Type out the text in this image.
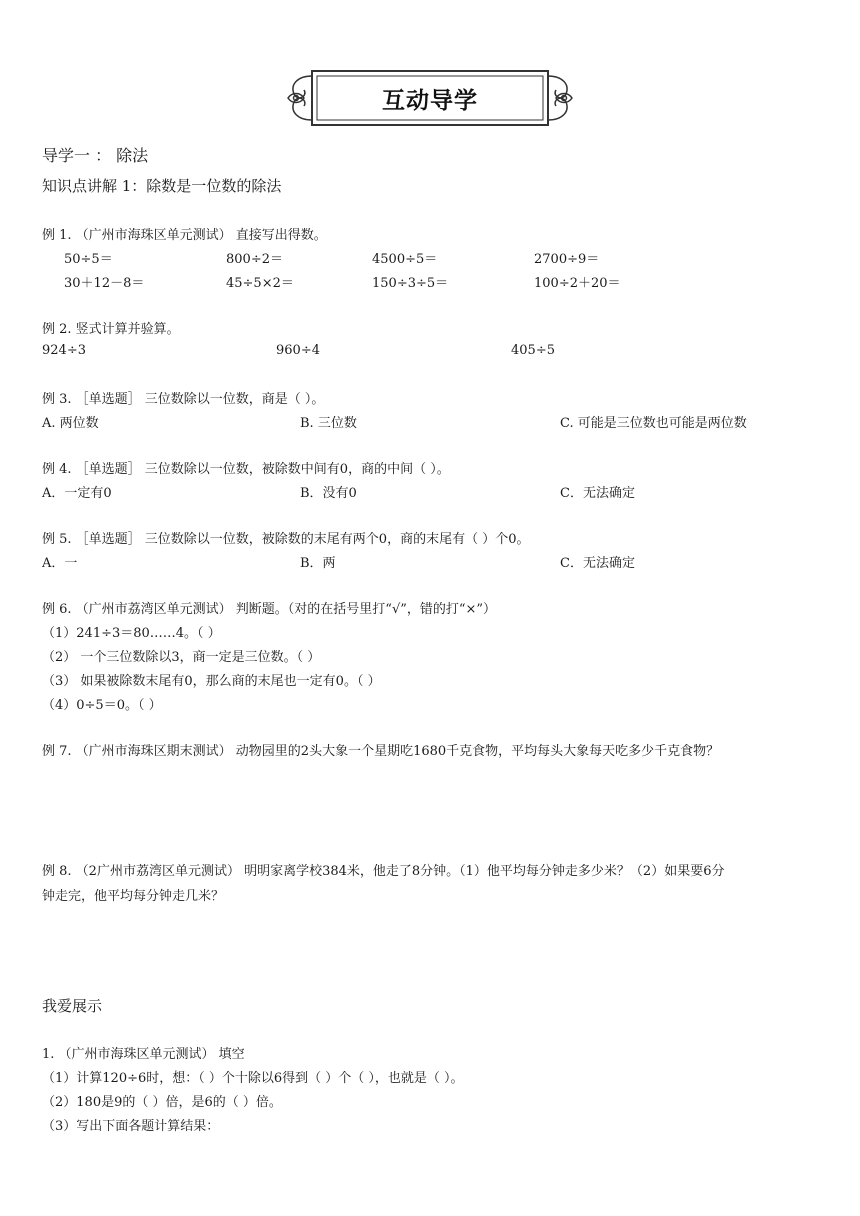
互动导学
导学一 ： 除法
知识点讲解 1：除数是一位数的除法
例 1. （广州市海珠区单元测试） 直接写出得数。
50÷5＝	800÷2＝	4500÷5＝	2700÷9＝
30＋12－8＝	45÷5×2＝	150÷3÷5＝	100÷2＋20＝
例 2. 竖式计算并验算。
924÷3	960÷4	405÷5
例 3. ［单选题］ 三位数除以一位数，商是（ ）。
A. 两位数	B. 三位数	C. 可能是三位数也可能是两位数
例 4. ［单选题］ 三位数除以一位数，被除数中间有0，商的中间（ ）。
A．一定有0	B．没有0	C．无法确定
例 5. ［单选题］ 三位数除以一位数，被除数的末尾有两个0，商的末尾有（ ）个0。
A．一	B．两	C．无法确定
例 6. （广州市荔湾区单元测试） 判断题。（对的在括号里打“√”，错的打“×”）
（1）241÷3＝80……4。（ ）
（2） 一个三位数除以3，商一定是三位数。（ ）
（3） 如果被除数末尾有0，那么商的末尾也一定有0。（ ）
（4）0÷5＝0。（ ）
例 7. （广州市海珠区期末测试） 动物园里的2头大象一个星期吃1680千克食物，平均每头大象每天吃多少千克食物？
例 8. （2广州市荔湾区单元测试） 明明家离学校384米，他走了8分钟。（1）他平均每分钟走多少米？（2）如果要6分
钟走完，他平均每分钟走几米？
我爱展示
1. （广州市海珠区单元测试） 填空
（1）计算120÷6时，想：（ ）个十除以6得到（ ）个（ ），也就是（ ）。
（2）180是9的（ ）倍，是6的（ ）倍。
（3）写出下面各题计算结果：
